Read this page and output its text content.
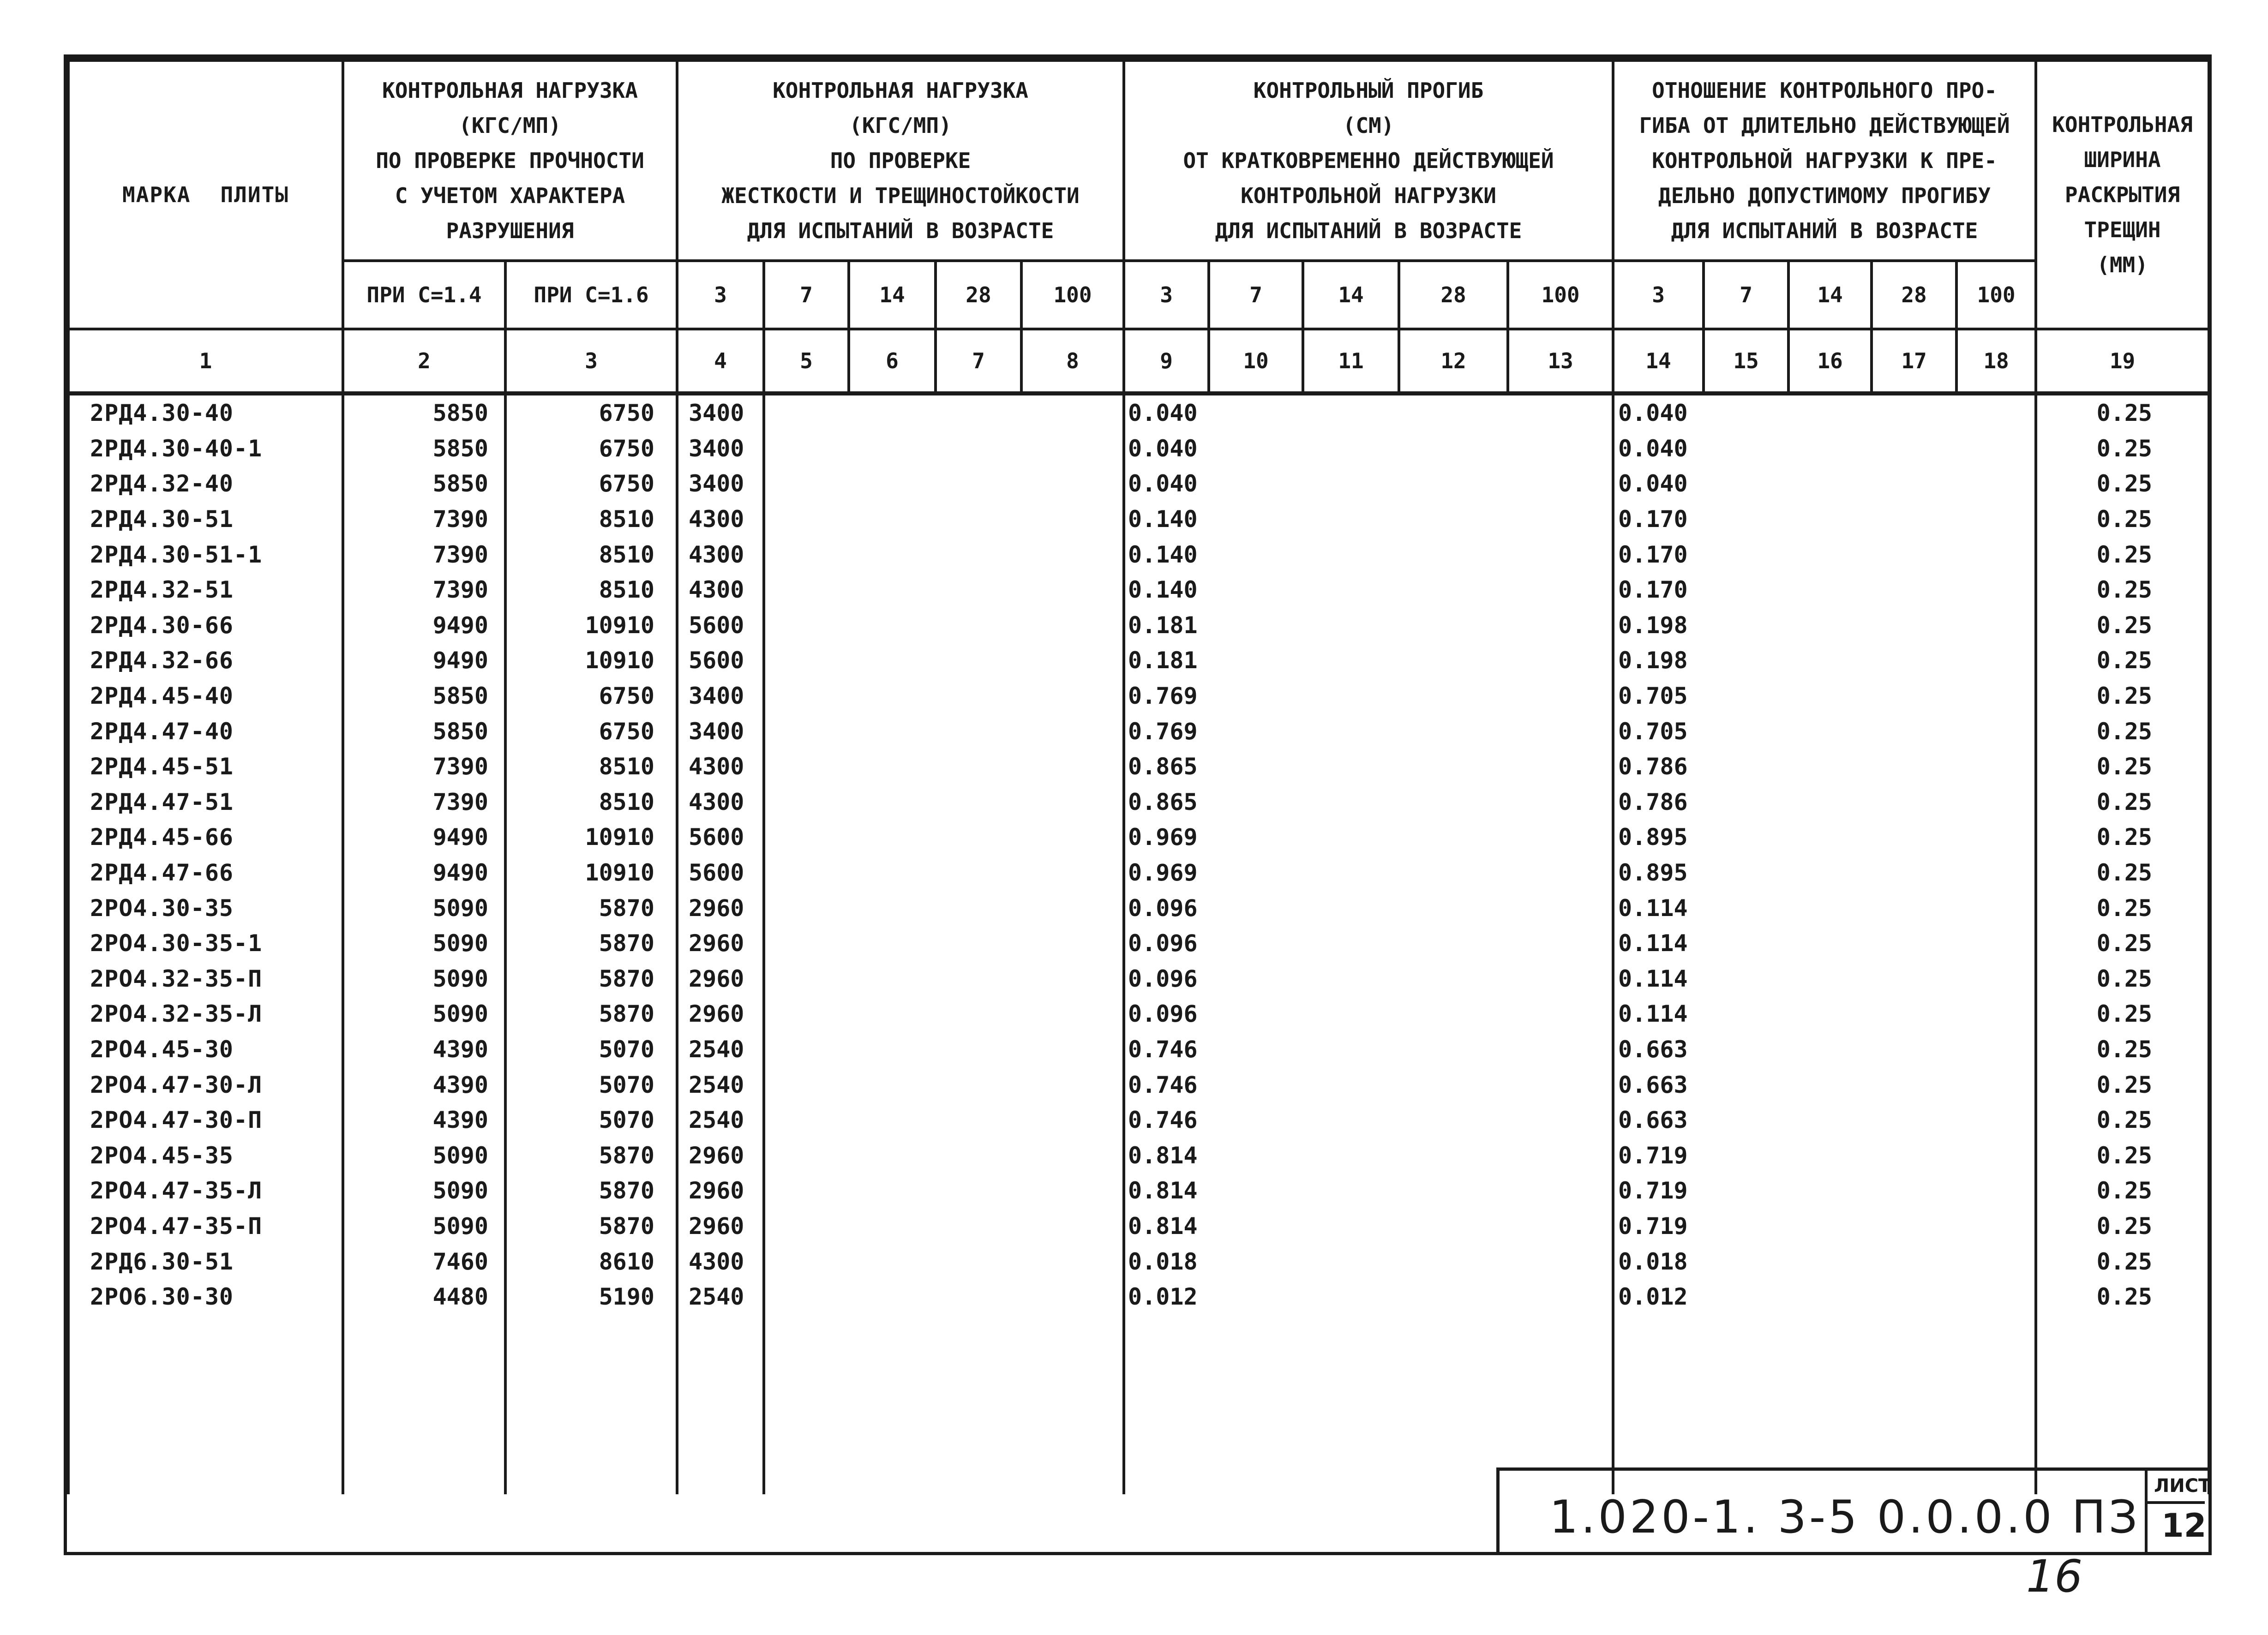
МАРКА ПЛИТЫ	КОНТРОЛЬНАЯ НАГРУЗКА
(КГС/МП)
ПО ПРОВЕРКЕ ПРОЧНОСТИ
С УЧЕТОМ ХАРАКТЕРА
РАЗРУШЕНИЯ		КОНТРОЛЬНАЯ НАГРУЗКА
(КГС/МП)
ПО ПРОВЕРКЕ
ЖЕСТКОСТИ И ТРЕЩИНОСТОЙКОСТИ
ДЛЯ ИСПЫТАНИЙ В ВОЗРАСТЕ					КОНТРОЛЬНЫЙ ПРОГИБ
(СМ)
ОТ КРАТКОВРЕМЕННО ДЕЙСТВУЮЩЕЙ
КОНТРОЛЬНОЙ НАГРУЗКИ
ДЛЯ ИСПЫТАНИЙ В ВОЗРАСТЕ					ОТНОШЕНИЕ КОНТРОЛЬНОГО ПРО-
ГИБА ОТ ДЛИТЕЛЬНО ДЕЙСТВУЮЩЕЙ
КОНТРОЛЬНОЙ НАГРУЗКИ К ПРЕ-
ДЕЛЬНО ДОПУСТИМОМУ ПРОГИБУ
ДЛЯ ИСПЫТАНИЙ В ВОЗРАСТЕ					КОНТРОЛЬНАЯ
ШИРИНА
РАСКРЫТИЯ
ТРЕЩИН
(ММ)

	ПРИ С=1.4	ПРИ С=1.6	3	7	14	28	100	3	7	14	28	100	3	7	14	28	100	
1	2	3	4	5	6	7	8	9	10	11	12	13	14	15	16	17	18	19
2РД4.30-40	5850	6750	3400					0.040					0.040					0.25
2РД4.30-40-1	5850	6750	3400					0.040					0.040					0.25
2РД4.32-40	5850	6750	3400					0.040					0.040					0.25
2РД4.30-51	7390	8510	4300					0.140					0.170					0.25
2РД4.30-51-1	7390	8510	4300					0.140					0.170					0.25
2РД4.32-51	7390	8510	4300					0.140					0.170					0.25
2РД4.30-66	9490	10910	5600					0.181					0.198					0.25
2РД4.32-66	9490	10910	5600					0.181					0.198					0.25
2РД4.45-40	5850	6750	3400					0.769					0.705					0.25
2РД4.47-40	5850	6750	3400					0.769					0.705					0.25
2РД4.45-51	7390	8510	4300					0.865					0.786					0.25
2РД4.47-51	7390	8510	4300					0.865					0.786					0.25
2РД4.45-66	9490	10910	5600					0.969					0.895					0.25
2РД4.47-66	9490	10910	5600					0.969					0.895					0.25
2РО4.30-35	5090	5870	2960					0.096					0.114					0.25
2РО4.30-35-1	5090	5870	2960					0.096					0.114					0.25
2РО4.32-35-П	5090	5870	2960					0.096					0.114					0.25
2РО4.32-35-Л	5090	5870	2960					0.096					0.114					0.25
2РО4.45-30	4390	5070	2540					0.746					0.663					0.25
2РО4.47-30-Л	4390	5070	2540					0.746					0.663					0.25
2РО4.47-30-П	4390	5070	2540					0.746					0.663					0.25
2РО4.45-35	5090	5870	2960					0.814					0.719					0.25
2РО4.47-35-Л	5090	5870	2960					0.814					0.719					0.25
2РО4.47-35-П	5090	5870	2960					0.814					0.719					0.25
2РД6.30-51	7460	8610	4300					0.018					0.018					0.25
2РО6.30-30	4480	5190	2540					0.012					0.012					0.25

1.020-1. 3-5 0.0.0.0 ПЗ
ЛИСТ
12
16
